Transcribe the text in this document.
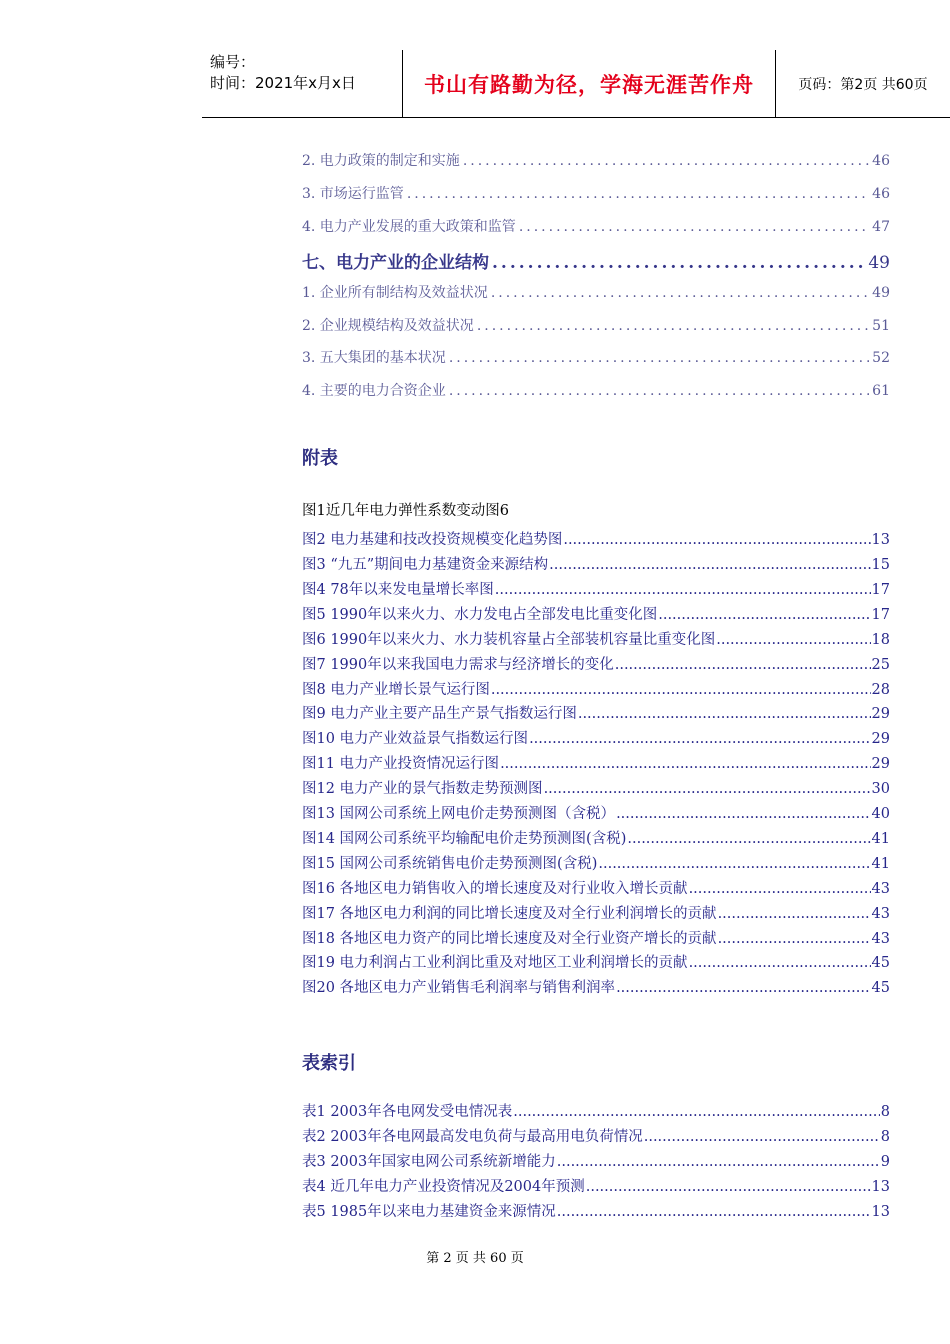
编号：
时间：2021年x月x日	书山有路勤为径，学海无涯苦作舟	页码：第2页 共60页
2. 电力政策的制定和实施 .....	46
3. 市场运行监管 .....	46
4. 电力产业发展的重大政策和监管 .....	47
七、电力产业的企业结构 .....	49
1. 企业所有制结构及效益状况 .....	49
2. 企业规模结构及效益状况 .....	51
3. 五大集团的基本状况 .....	52
4. 主要的电力合资企业 .....	61
附表
图1近几年电力弹性系数变动图6
图2 电力基建和技改投资规模变化趋势图 .....	13
图3 “九五”期间电力基建资金来源结构 .....	15
图4 78年以来发电量增长率图 .....	17
图5 1990年以来火力、水力发电占全部发电比重变化图 .....	17
图6 1990年以来火力、水力装机容量占全部装机容量比重变化图 .....	18
图7 1990年以来我国电力需求与经济增长的变化 .....	25
图8 电力产业增长景气运行图 .....	28
图9 电力产业主要产品生产景气指数运行图 .....	29
图10 电力产业效益景气指数运行图 .....	29
图11 电力产业投资情况运行图 .....	29
图12 电力产业的景气指数走势预测图 .....	30
图13 国网公司系统上网电价走势预测图（含税） .....	40
图14 国网公司系统平均输配电价走势预测图(含税) .....	41
图15 国网公司系统销售电价走势预测图(含税) .....	41
图16 各地区电力销售收入的增长速度及对行业收入增长贡献 .....	43
图17 各地区电力利润的同比增长速度及对全行业利润增长的贡献 .....	43
图18 各地区电力资产的同比增长速度及对全行业资产增长的贡献 .....	43
图19 电力利润占工业利润比重及对地区工业利润增长的贡献 .....	45
图20 各地区电力产业销售毛利润率与销售利润率 .....	45
表索引
表1 2003年各电网发受电情况表 .....	8
表2 2003年各电网最高发电负荷与最高用电负荷情况 .....	8
表3 2003年国家电网公司系统新增能力 .....	9
表4 近几年电力产业投资情况及2004年预测 .....	13
表5 1985年以来电力基建资金来源情况 .....	13
第 2 页 共 60 页
